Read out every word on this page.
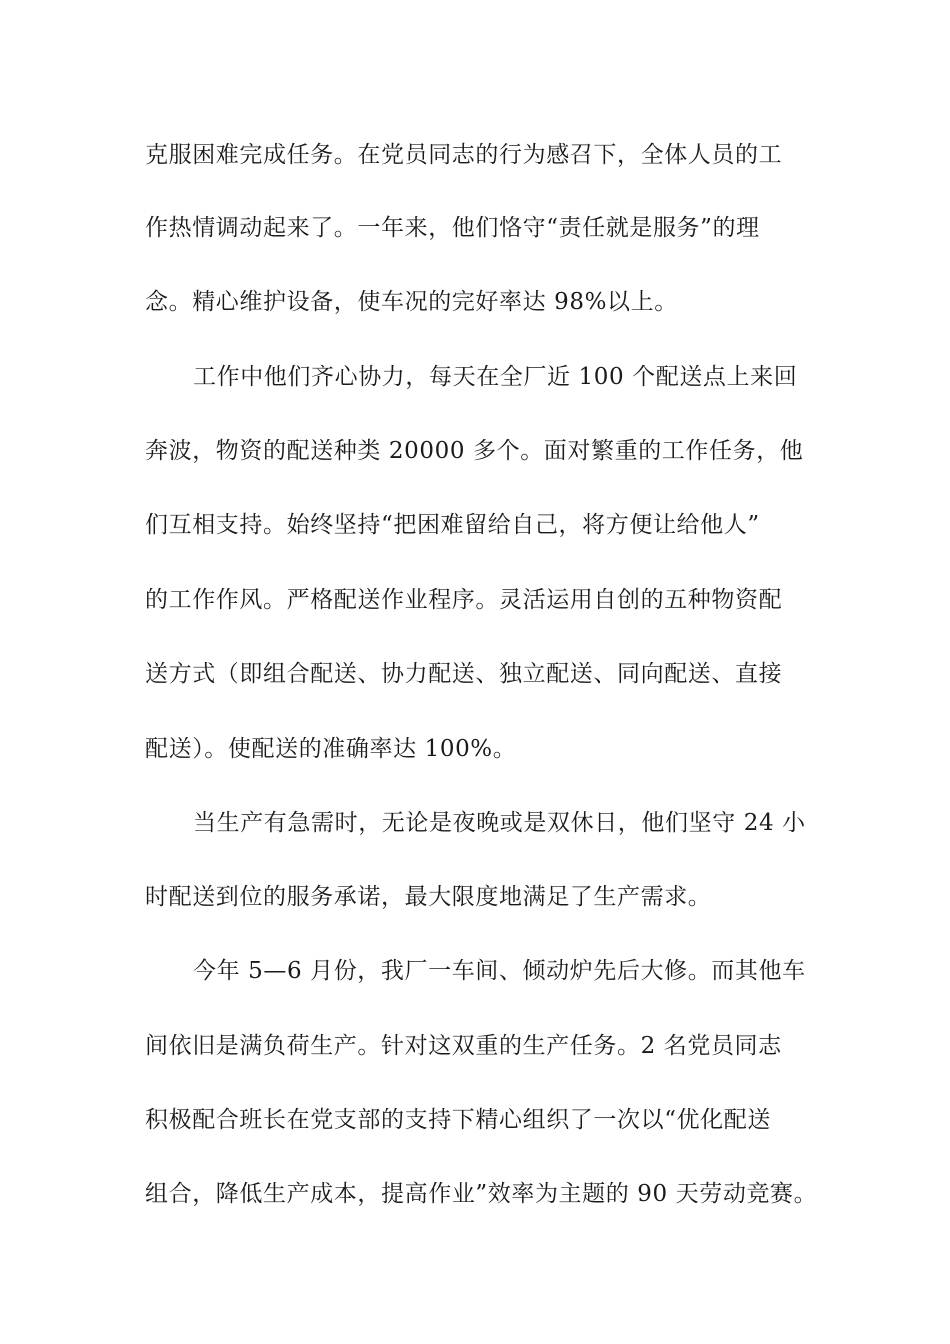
克服困难完成任务。在党员同志的行为感召下，全体人员的工
作热情调动起来了。一年来，他们恪守“责任就是服务”的理
念。精心维护设备，使车况的完好率达 98%以上。
工作中他们齐心协力，每天在全厂近 100 个配送点上来回
奔波，物资的配送种类 20000 多个。面对繁重的工作任务，他
们互相支持。始终坚持“把困难留给自己，将方便让给他人”
的工作作风。严格配送作业程序。灵活运用自创的五种物资配
送方式（即组合配送、协力配送、独立配送、同向配送、直接
配送）。使配送的准确率达 100%。
当生产有急需时，无论是夜晚或是双休日，他们坚守 24 小
时配送到位的服务承诺，最大限度地满足了生产需求。
今年 5—6 月份，我厂一车间、倾动炉先后大修。而其他车
间依旧是满负荷生产。针对这双重的生产任务。2 名党员同志
积极配合班长在党支部的支持下精心组织了一次以“优化配送
组合，降低生产成本，提高作业”效率为主题的 90 天劳动竞赛。
